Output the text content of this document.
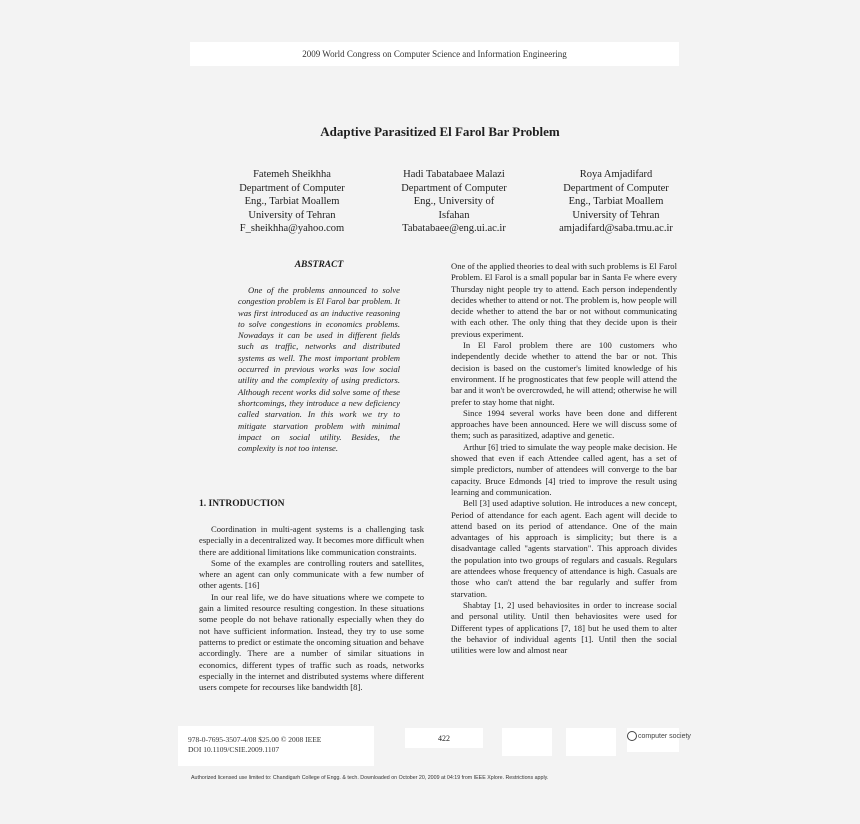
2009 World Congress on Computer Science and Information Engineering
Adaptive Parasitized El Farol Bar Problem
Fatemeh Sheikhha
Department of Computer
Eng., Tarbiat Moallem
University of Tehran
F_sheikhha@yahoo.com
Hadi Tabatabaee Malazi
Department of Computer
Eng., University of
Isfahan
Tabatabaee@eng.ui.ac.ir
Roya Amjadifard
Department of Computer
Eng., Tarbiat Moallem
University of Tehran
amjadifard@saba.tmu.ac.ir
ABSTRACT
One of the problems announced to solve congestion problem is El Farol bar problem. It was first introduced as an inductive reasoning to solve congestions in economics problems. Nowadays it can be used in different fields such as traffic, networks and distributed systems as well. The most important problem occurred in previous works was low social utility and the complexity of using predictors. Although recent works did solve some of these shortcomings, they introduce a new deficiency called starvation. In this work we try to mitigate starvation problem with minimal impact on social utility. Besides, the complexity is not too intense.
1. INTRODUCTION

Coordination in multi-agent systems is a challenging task especially in a decentralized way. It becomes more difficult when there are additional limitations like communication constraints.

Some of the examples are controlling routers and satellites, where an agent can only communicate with a few number of other agents. [16]

In our real life, we do have situations where we compete to gain a limited resource resulting congestion. In these situations some people do not behave rationally especially when they do not have sufficient information. Instead, they try to use some patterns to predict or estimate the oncoming situation and behave accordingly. There are a number of similar situations in economics, different types of traffic such as roads, networks especially in the internet and distributed systems where different users compete for recourses like bandwidth [8].

One of the applied theories to deal with such problems is El Farol Problem. El Farol is a small popular bar in Santa Fe where every Thursday night people try to attend. Each person independently decides whether to attend or not. The problem is, how people will decide whether to attend the bar or not without communicating with each other. The only thing that they decide upon is their previous experiment.

In El Farol problem there are 100 customers who independently decide whether to attend the bar or not. This decision is based on the customer's limited knowledge of his environment. If he prognosticates that few people will attend the bar and it won't be overcrowded, he will attend; otherwise he will prefer to stay home that night.

Since 1994 several works have been done and different approaches have been announced. Here we will discuss some of them; such as parasitized, adaptive and genetic.

Arthur [6] tried to simulate the way people make decision. He showed that even if each Attendee called agent, has a set of simple predictors, number of attendees will converge to the bar capacity. Bruce Edmonds [4] tried to improve the result using learning and communication.

Bell [3] used adaptive solution. He introduces a new concept, Period of attendance for each agent. Each agent will decide to attend based on its period of attendance. One of the main advantages of his approach is simplicity; but there is a disadvantage called "agents starvation". This approach divides the population into two groups of regulars and casuals. Regulars are attendees whose frequency of attendance is high. Casuals are those who can't attend the bar regularly and suffer from starvation.

Shabtay [1, 2] used behaviosites in order to increase social and personal utility. Until then behaviosites were used for Different types of applications [7, 18] but he used them to alter the behavior of individual agents [1]. Until then the social utilities were low and almost near

978-0-7695-3507-4/08 $25.00 © 2008 IEEE
DOI 10.1109/CSIE.2009.1107
422	computer society
Authorized licensed use limited to: Chandigarh College of Engg. & tech. Downloaded on October 20, 2009 at 04:19 from IEEE Xplore. Restrictions apply.
